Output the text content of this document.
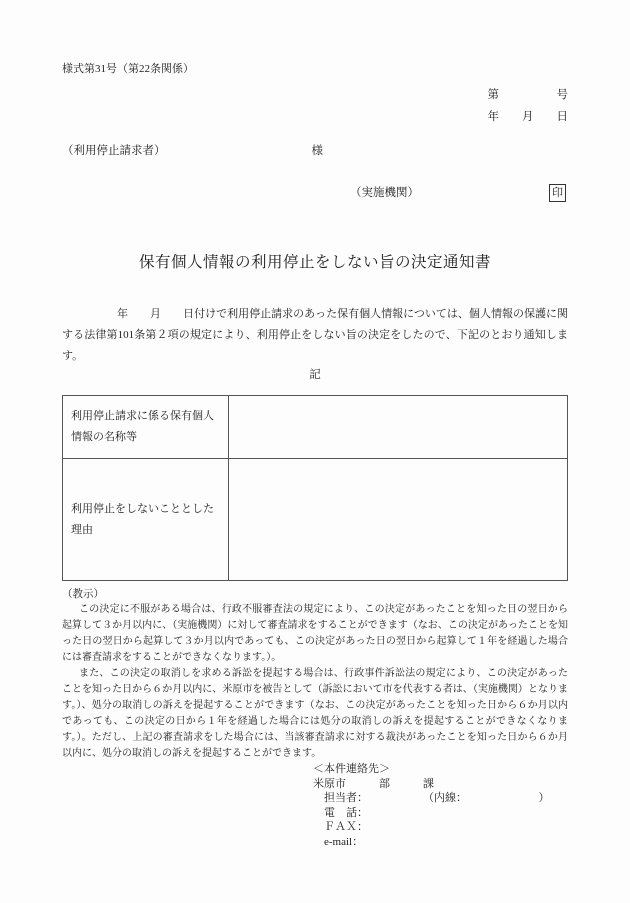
様式第31号（第22条関係）
第　　　　　号
年　　月　　日
（利用停止請求者）	様
（実施機関）	印
保有個人情報の利用停止をしない旨の決定通知書
　　　　　年　　月　　日付けで利用停止請求のあった保有個人情報については、個人情報の保護に関する法律第101条第２項の規定により、利用停止をしない旨の決定をしたので、下記のとおり通知します。
記
利用停止請求に係る保有個人情報の名称等
利用停止をしないこととした理由
（教示）

この決定に不服がある場合は、行政不服審査法の規定により、この決定があったことを知った日の翌日から起算して３か月以内に、（実施機関）に対して審査請求をすることができます（なお、この決定があったことを知った日の翌日から起算して３か月以内であっても、この決定があった日の翌日から起算して１年を経過した場合には審査請求をすることができなくなります。）。

また、この決定の取消しを求める訴訟を提起する場合は、行政事件訴訟法の規定により、この決定があったことを知った日から６か月以内に、米原市を被告として（訴訟において市を代表する者は、（実施機関）となります。）、処分の取消しの訴えを提起することができます（なお、この決定があったことを知った日から６か月以内であっても、この決定の日から１年を経過した場合には処分の取消しの訴えを提起することができなくなります。）。ただし、上記の審査請求をした場合には、当該審査請求に対する裁決があったことを知った日から６か月以内に、処分の取消しの訴えを提起することができます。

＜本件連絡先＞
米原市　　　部　　　課
　担当者：　　　　　　（内線：　　　　　　　）
　電　話：
　ＦＡＸ：
　e-mail：
